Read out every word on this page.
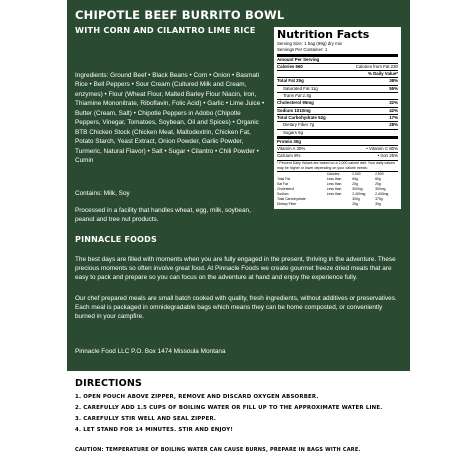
CHIPOTLE BEEF BURRITO BOWL
WITH CORN AND CILANTRO LIME RICE
Ingredients: Ground Beef • Black Beans • Corn • Onion • Basmati Rice • Bell Peppers • Sour Cream (Cultured Milk and Cream, enzymes) • Flour (Wheat Flour, Malted Barley Flour Niacin, Iron, Thiamine Mononitrate, Riboflavin, Folic Acid) • Garlic • Lime Juice • Butter (Cream, Salt) • Chipotle Peppers in Adobo (Chipotle Peppers, Vinegar, Tomatoes, Soybean, Oil and Spices) • Organic BTB Chicken Stock (Chicken Meat, Maltodextrin, Chicken Fat, Potato Starch, Yeast Extract, Onion Powder, Garlic Powder, Turmeric, Natural Flavor) • Salt • Sugar • Cilantro • Chili Powder • Cumin
Contains: Milk, Soy
Processed in a facility that handles wheat, egg, milk, soybean, peanut and tree nut products.
PINNACLE FOODS
The best days are filled with moments when you are fully engaged in the present, thriving in the adventure. These precious moments so often involve great food. At Pinnacle Foods we create gourmet freeze dried meals that are easy to pack and prepare so you can focus on the adventure at hand and enjoy the experience fully.
Our chef prepared meals are small batch cooked with quality, fresh ingredients, without additives or preservatives. Each meal is packaged in omnidegradable bags which means they can be home composted, or conveniently burned in your campfire.
Pinnacle Food LLC P.O. Box 1474 Missoula Montana
Nutrition Facts
Serving Size: 1 bag (99g) dry mix
Servings Per Container: 1
Amount Per Serving
Calories 560	Calories from Fat 230
% Daily Value*
Total Fat 25g	38%
Saturated Fat 11g	55%
Trans Fat 1.5g
Cholesterol 95mg	32%
Sodium 1010mg	42%
Total Carbohydrate 52g	17%
Dietary Fiber 7g	28%
Sugars 6g
Protein 30g
Vitamin A 30%	• Vitamin C 80%
Calcium 8%	• Iron 25%
* Percent Daily Values are based on a 2,000 calorie diet. Your daily values may be higher or lower depending on your calorie needs:
	Calories:	2,000	2,500
Total Fat	Less than	65g	80g
Sat Fat	Less than	20g	25g
Cholesterol	Less than	300mg	300mg
Sodium	Less than	2,400mg	2,400mg
Total Carbohydrate		300g	375g
Dietary Fiber		25g	30g
DIRECTIONS
1. OPEN POUCH ABOVE ZIPPER, REMOVE AND DISCARD OXYGEN ABSORBER.
2. CAREFULLY ADD 1.5 CUPS OF BOILING WATER OR FILL UP TO THE APPROXIMATE WATER LINE.
3. CAREFULLY STIR WELL AND SEAL ZIPPER.
4. LET STAND FOR 14 MINUTES. STIR AND ENJOY!
CAUTION: TEMPERATURE OF BOILING WATER CAN CAUSE BURNS, PREPARE IN BAGS WITH CARE.
